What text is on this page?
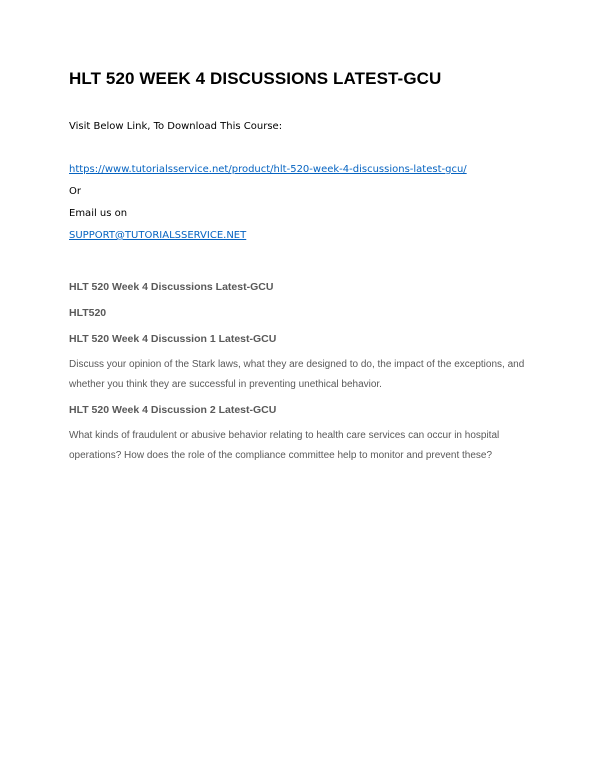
HLT 520 WEEK 4 DISCUSSIONS LATEST-GCU
Visit Below Link, To Download This Course:
https://www.tutorialsservice.net/product/hlt-520-week-4-discussions-latest-gcu/
Or
Email us on
SUPPORT@TUTORIALSSERVICE.NET
HLT 520 Week 4 Discussions Latest-GCU
HLT520
HLT 520 Week 4 Discussion 1 Latest-GCU
Discuss your opinion of the Stark laws, what they are designed to do, the impact of the exceptions, and whether you think they are successful in preventing unethical behavior.
HLT 520 Week 4 Discussion 2 Latest-GCU
What kinds of fraudulent or abusive behavior relating to health care services can occur in hospital operations? How does the role of the compliance committee help to monitor and prevent these?
